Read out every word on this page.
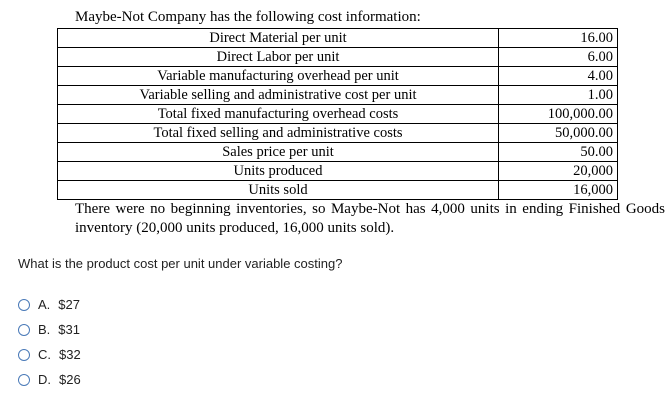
Maybe-Not Company has the following cost information:
Direct Material per unit	16.00
Direct Labor per unit	6.00
Variable manufacturing overhead per unit	4.00
Variable selling and administrative cost per unit	1.00
Total fixed manufacturing overhead costs	100,000.00
Total fixed selling and administrative costs	50,000.00
Sales price per unit	50.00
Units produced	20,000
Units sold	16,000
There were no beginning inventories, so Maybe-Not has 4,000 units in ending Finished Goods inventory (20,000 units produced, 16,000 units sold).
What is the product cost per unit under variable costing?
A. $27
B. $31
C. $32
D. $26
